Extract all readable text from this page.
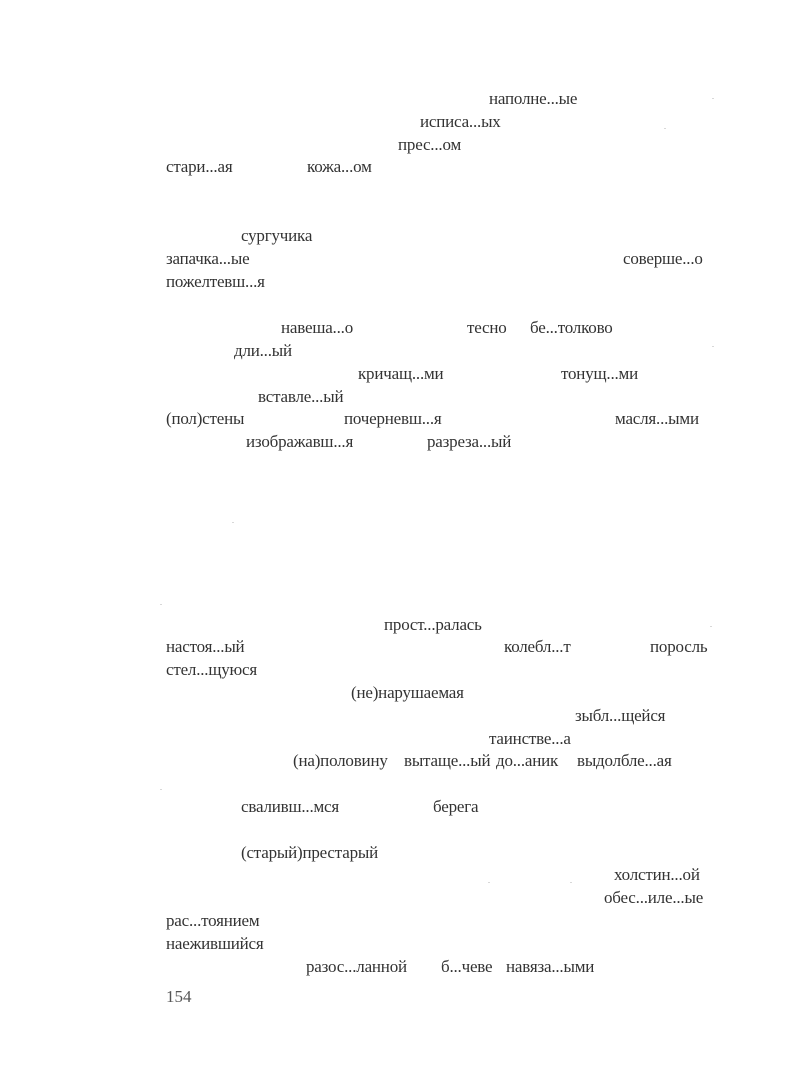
наполне...ые
исписа...ых
прес...ом
стари...ая	кожа...ом
сургучика
запачка...ые	соверше...о
пожелтевш...я
навеша...о	тесно бе...толково
дли...ый
кричащ...ми	тонущ...ми
вставле...ый
(пол)стены	почерневш...я	масля...ыми
изображавш...я	разреза...ый
прост...ралась
настоя...ый	колебл...т	поросль
стел...щуюся
(не)нарушаемая
зыбл...щейся
таинстве...а
(на)половину вытаще...ый до...аник выдолбле...ая
сваливш...мся	берега
(старый)престарый
холстин...ой
обес...иле...ые
рас...тоянием
наежившийся
разос...ланной б...чеве навяза...ыми
154
